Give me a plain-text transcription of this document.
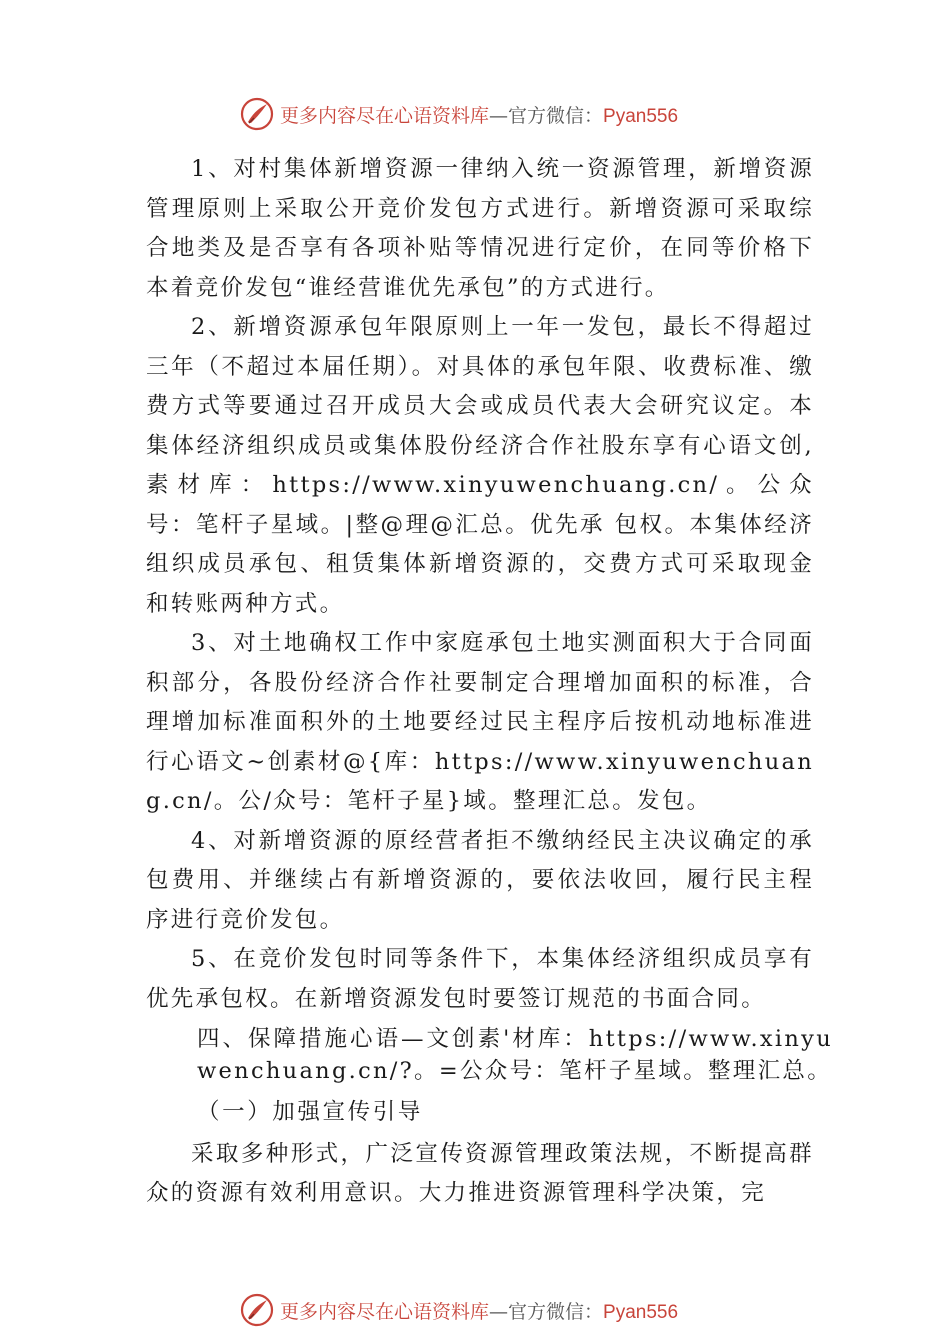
更多内容尽在心语资料库—官方微信：Pyan556

1、对村集体新增资源一律纳入统一资源管理，新增资源管理原则上采取公开竞价发包方式进行。新增资源可采取综合地类及是否享有各项补贴等情况进行定价，在同等价格下本着竞价发包“谁经营谁优先承包”的方式进行。

2、新增资源承包年限原则上一年一发包，最长不得超过三年（不超过本届任期）。对具体的承包年限、收费标准、缴费方式等要通过召开成员大会或成员代表大会研究议定。本集体经济组织成员或集体股份经济合作社股东享有心语文创,素材库：https://www.xinyuwenchuang.cn/。公众号：笔杆子星域。|整@理@汇总。优先承 包权。本集体经济组织成员承包、租赁集体新增资源的，交费方式可采取现金和转账两种方式。

3、对土地确权工作中家庭承包土地实测面积大于合同面积部分，各股份经济合作社要制定合理增加面积的标准，合理增加标准面积外的土地要经过民主程序后按机动地标准进行心语文~创素材@{库：https://www.xinyuwenchuang.cn/。公/众号：笔杆子星}域。整理汇总。发包。

4、对新增资源的原经营者拒不缴纳经民主决议确定的承包费用、并继续占有新增资源的，要依法收回，履行民主程序进行竞价发包。

5、在竞价发包时同等条件下，本集体经济组织成员享有优先承包权。在新增资源发包时要签订规范的书面合同。

四、保障措施心语—文创素'材库：https://www.xinyuwenchuang.cn/?。=公众号：笔杆子星域。整理汇总。

（一）加强宣传引导

采取多种形式，广泛宣传资源管理政策法规，不断提高群众的资源有效利用意识。大力推进资源管理科学决策，完

更多内容尽在心语资料库—官方微信：Pyan556
